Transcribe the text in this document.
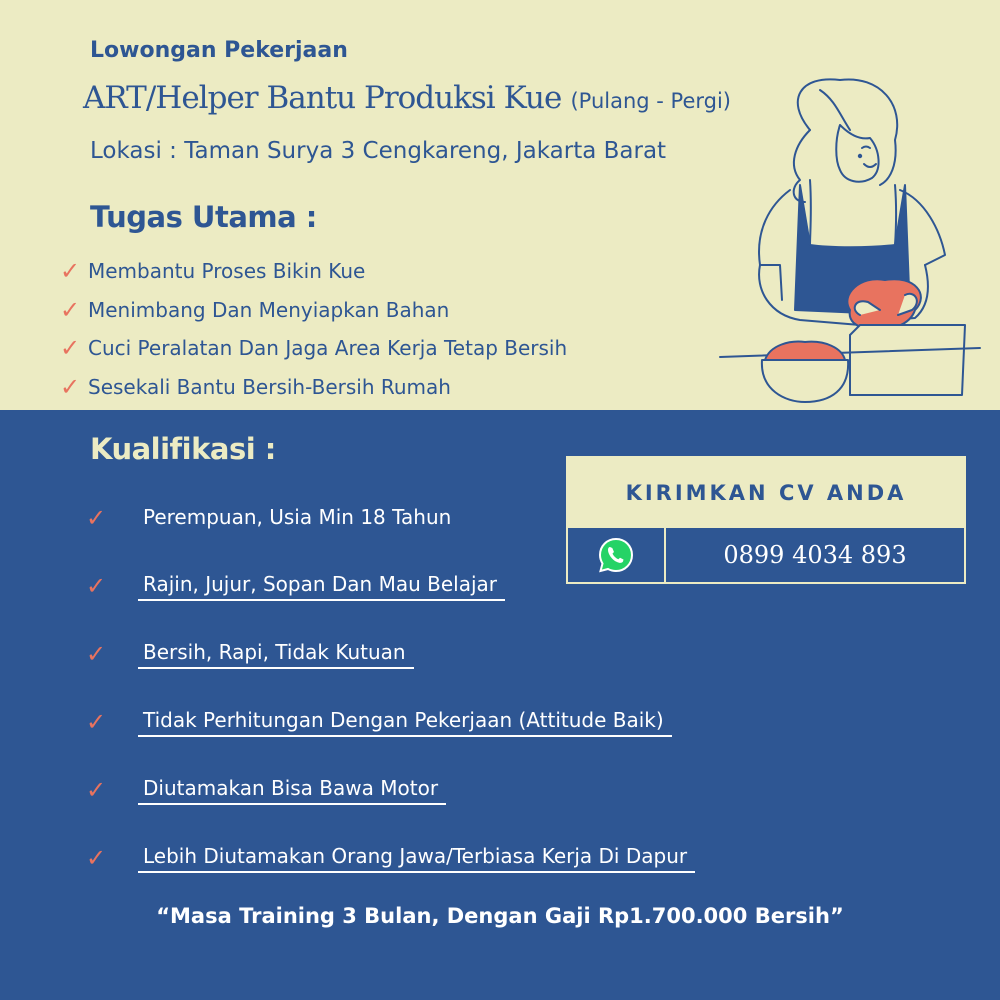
Lowongan Pekerjaan
ART/Helper Bantu Produksi Kue (Pulang - Pergi)
Lokasi : Taman Surya 3 Cengkareng, Jakarta Barat
Tugas Utama :
✓ Membantu Proses Bikin Kue
✓ Menimbang Dan Menyiapkan Bahan
✓ Cuci Peralatan Dan Jaga Area Kerja Tetap Bersih
✓ Sesekali Bantu Bersih-Bersih Rumah
Kualifikasi :
✓	Perempuan, Usia Min 18 Tahun
✓	Rajin, Jujur, Sopan Dan Mau Belajar
✓	Bersih, Rapi, Tidak Kutuan
✓	Tidak Perhitungan Dengan Pekerjaan (Attitude Baik)
✓	Diutamakan Bisa Bawa Motor
✓	Lebih Diutamakan Orang Jawa/Terbiasa Kerja Di Dapur
KIRIMKAN CV ANDA
0899 4034 893
“Masa Training 3 Bulan, Dengan Gaji Rp1.700.000 Bersih”
